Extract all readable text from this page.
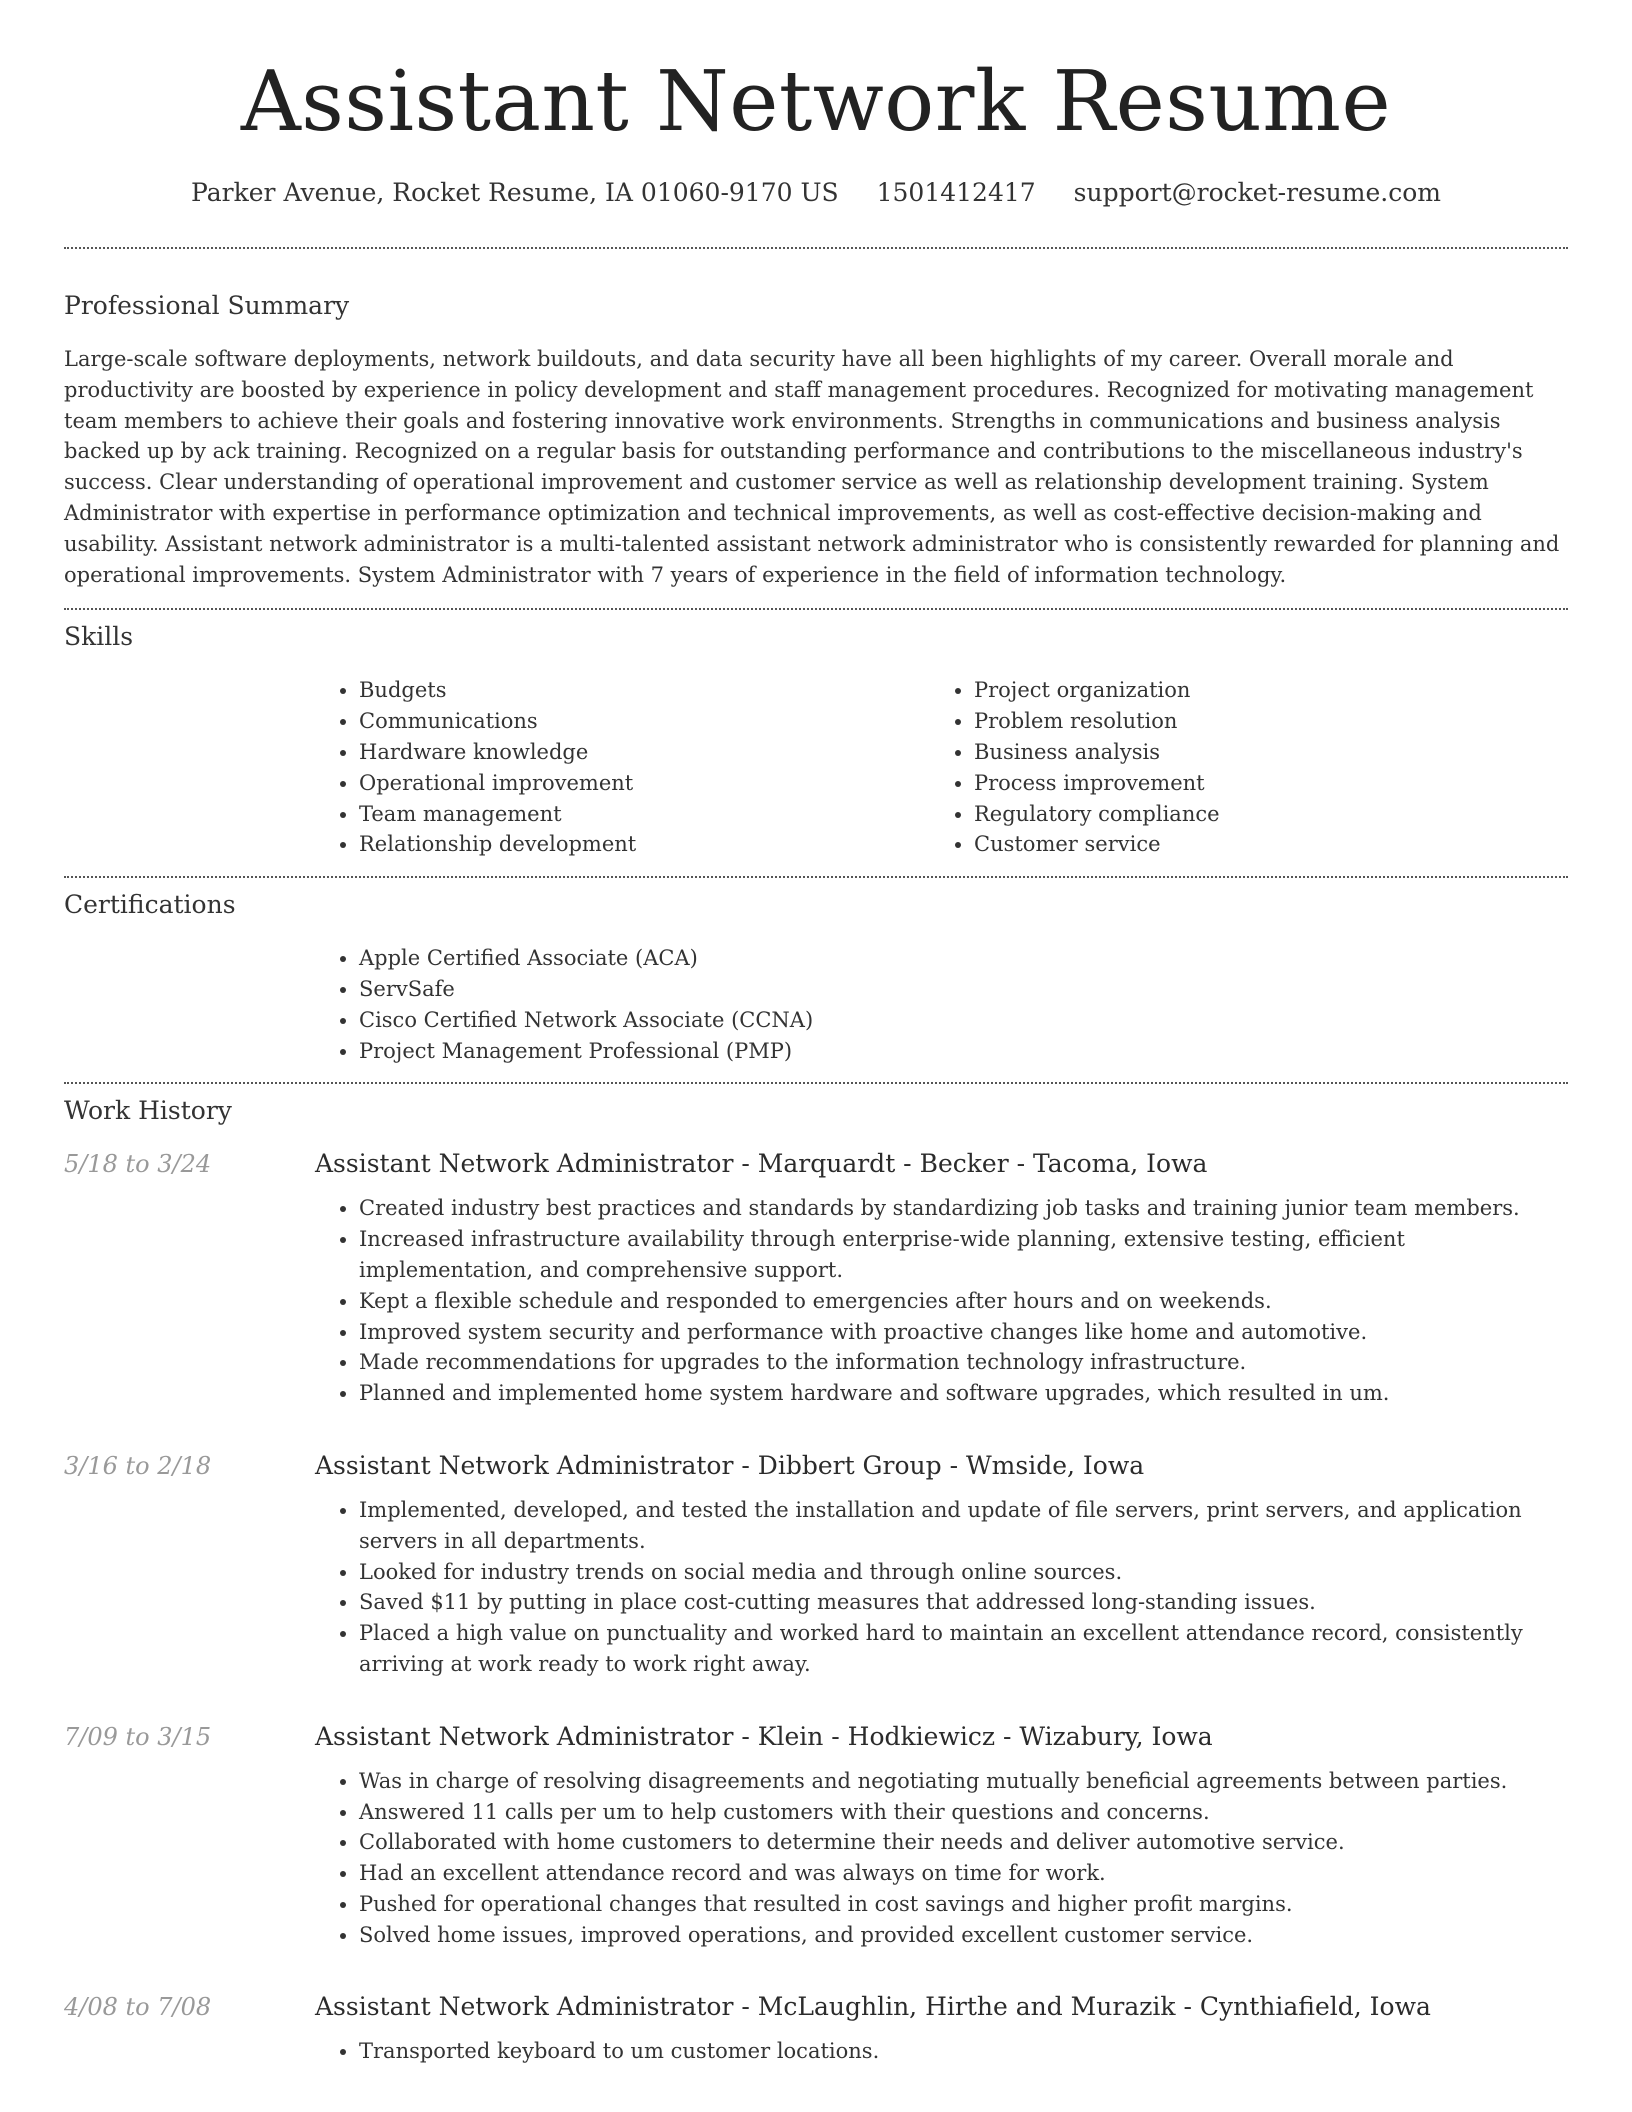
Assistant Network Resume
Parker Avenue, Rocket Resume, IA 01060-9170 US 1501412417 support@rocket-resume.com
Professional Summary

Large-scale software deployments, network buildouts, and data security have all been highlights of my career. Overall morale and productivity are boosted by experience in policy development and staff management procedures. Recognized for motivating management team members to achieve their goals and fostering innovative work environments. Strengths in communications and business analysis backed up by ack training. Recognized on a regular basis for outstanding performance and contributions to the miscellaneous industry's success. Clear understanding of operational improvement and customer service as well as relationship development training. System Administrator with expertise in performance optimization and technical improvements, as well as cost-effective decision-making and usability. Assistant network administrator is a multi-talented assistant network administrator who is consistently rewarded for planning and operational improvements. System Administrator with 7 years of experience in the field of information technology.

Skills
• Budgets
• Communications
• Hardware knowledge
• Operational improvement
• Team management
• Relationship development
• Project organization
• Problem resolution
• Business analysis
• Process improvement
• Regulatory compliance
• Customer service
Certifications
• Apple Certified Associate (ACA)
• ServSafe
• Cisco Certified Network Associate (CCNA)
• Project Management Professional (PMP)
Work History
5/18 to 3/24	Assistant Network Administrator - Marquardt - Becker - Tacoma, Iowa
• Created industry best practices and standards by standardizing job tasks and training junior team members.
• Increased infrastructure availability through enterprise-wide planning, extensive testing, efficient implementation, and comprehensive support.
• Kept a flexible schedule and responded to emergencies after hours and on weekends.
• Improved system security and performance with proactive changes like home and automotive.
• Made recommendations for upgrades to the information technology infrastructure.
• Planned and implemented home system hardware and software upgrades, which resulted in um.
3/16 to 2/18	Assistant Network Administrator - Dibbert Group - Wmside, Iowa
• Implemented, developed, and tested the installation and update of file servers, print servers, and application servers in all departments.
• Looked for industry trends on social media and through online sources.
• Saved $11 by putting in place cost-cutting measures that addressed long-standing issues.
• Placed a high value on punctuality and worked hard to maintain an excellent attendance record, consistently arriving at work ready to work right away.
7/09 to 3/15	Assistant Network Administrator - Klein - Hodkiewicz - Wizabury, Iowa
• Was in charge of resolving disagreements and negotiating mutually beneficial agreements between parties.
• Answered 11 calls per um to help customers with their questions and concerns.
• Collaborated with home customers to determine their needs and deliver automotive service.
• Had an excellent attendance record and was always on time for work.
• Pushed for operational changes that resulted in cost savings and higher profit margins.
• Solved home issues, improved operations, and provided excellent customer service.
4/08 to 7/08	Assistant Network Administrator - McLaughlin, Hirthe and Murazik - Cynthiafield, Iowa
• Transported keyboard to um customer locations.
